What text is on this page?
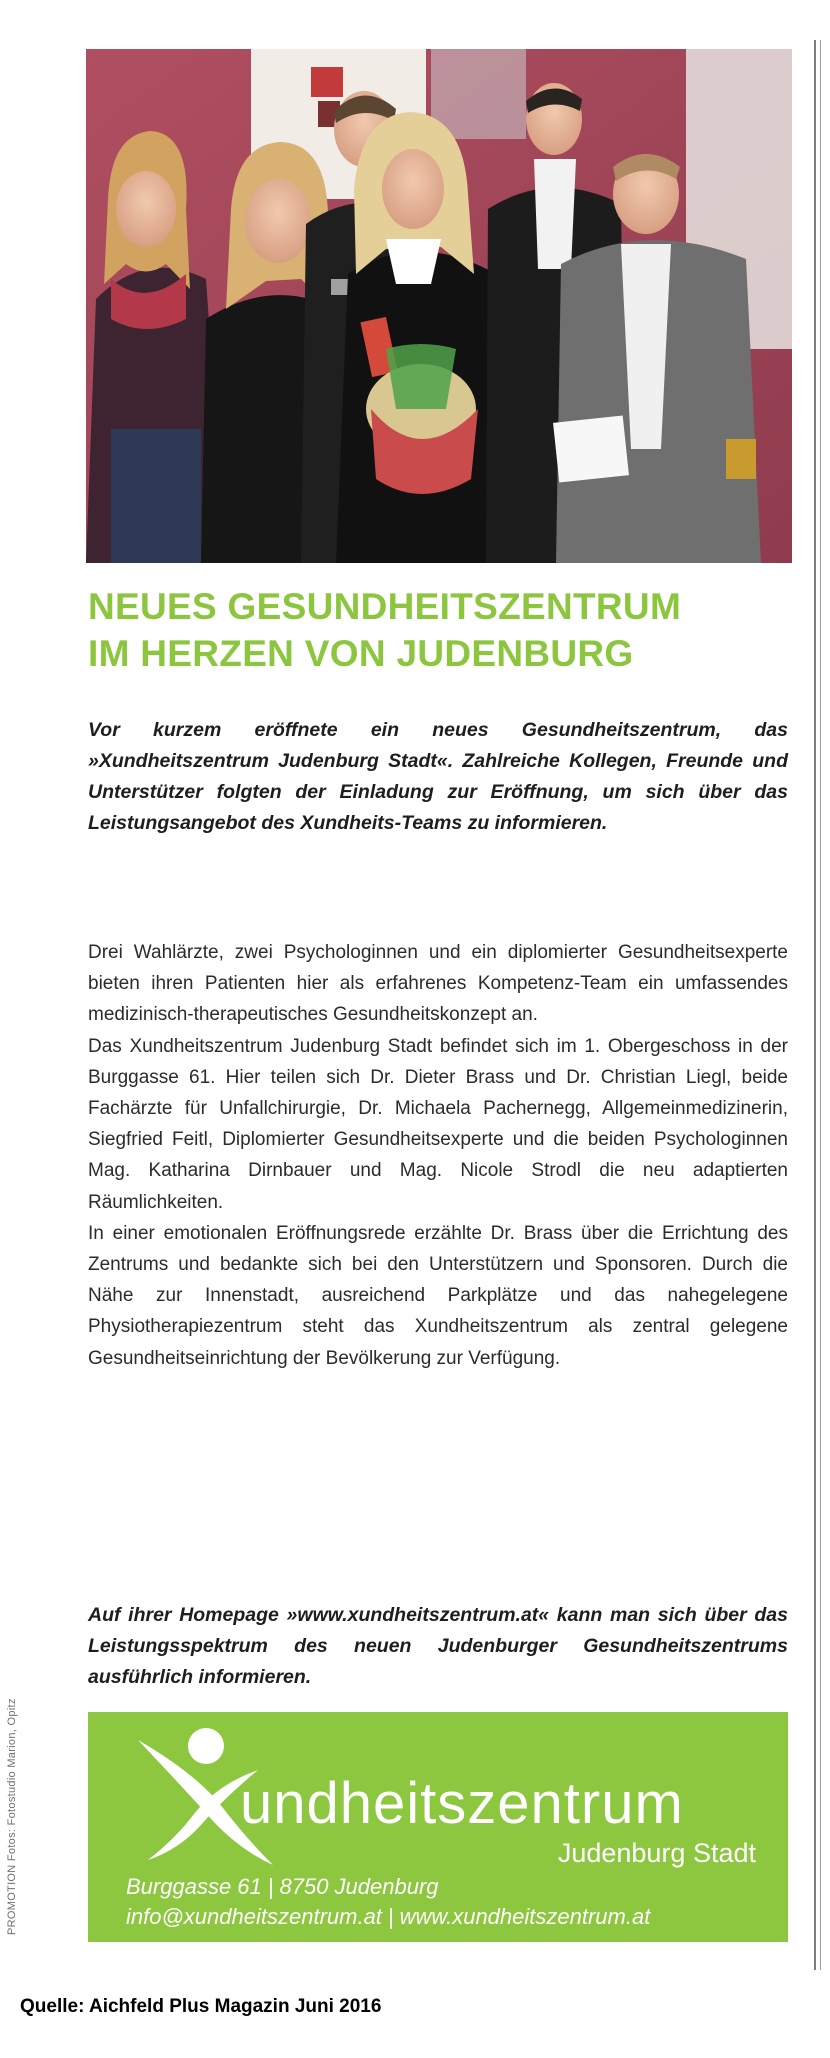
NEUES GESUNDHEITSZENTRUM
IM HERZEN VON JUDENBURG
Vor kurzem eröffnete ein neues Gesundheitszentrum, das »Xundheitszentrum Judenburg Stadt«. Zahlreiche Kollegen, Freunde und Unterstützer folgten der Einladung zur Eröffnung, um sich über das Leistungsangebot des Xundheits-Teams zu informieren.

Drei Wahlärzte, zwei Psychologinnen und ein diplomierter Gesundheitsexperte bieten ihren Patienten hier als erfahrenes Kompetenz-Team ein umfassendes medizinisch-therapeutisches Gesundheitskonzept an.

Das Xundheitszentrum Judenburg Stadt befindet sich im 1. Obergeschoss in der Burggasse 61. Hier teilen sich Dr. Dieter Brass und Dr. Christian Liegl, beide Fachärzte für Unfallchirurgie, Dr. Michaela Pachernegg, Allgemeinmedizinerin, Siegfried Feitl, Diplomierter Gesundheitsexperte und die beiden Psychologinnen Mag. Katharina Dirnbauer und Mag. Nicole Strodl die neu adaptierten Räumlichkeiten.

In einer emotionalen Eröffnungsrede erzählte Dr. Brass über die Errichtung des Zentrums und bedankte sich bei den Unterstützern und Sponsoren. Durch die Nähe zur Innenstadt, ausreichend Parkplätze und das nahegelegene Physiotherapiezentrum steht das Xundheitszentrum als zentral gelegene Gesundheitseinrichtung der Bevölkerung zur Verfügung.

Auf ihrer Homepage »www.xundheitszentrum.at« kann man sich über das Leistungsspektrum des neuen Judenburger Gesundheitszentrums ausführlich informieren.
undheitszentrum
Judenburg Stadt
Burggasse 61 | 8750 Judenburg
info@xundheitszentrum.at | www.xundheitszentrum.at
PROMOTION Fotos: Fotostudio Marion, Opitz
Quelle: Aichfeld Plus Magazin Juni 2016
